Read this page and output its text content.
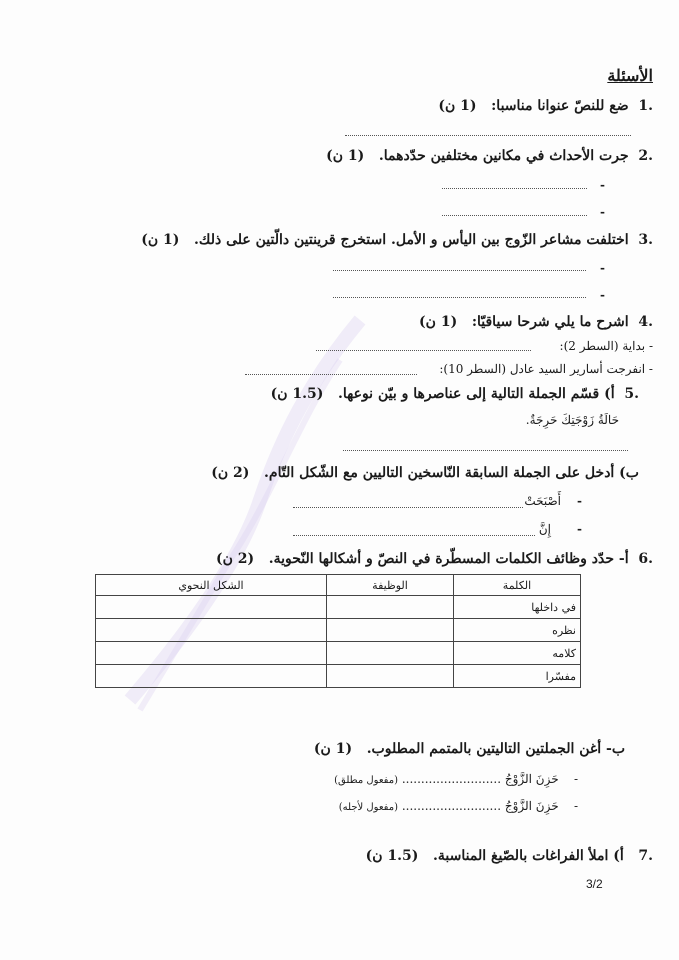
الأسئلة
.1  ضع للنصّ عنوانا مناسبا:   (1 ن)
.2  جرت الأحداث في مكانين مختلفين حدّدهما.   (1 ن)
-
-
.3  اختلفت مشاعر الزّوج بين اليأس و الأمل. استخرج قرينتين دالّتين على ذلك.   (1 ن)
-
-
.4  اشرح ما يلي شرحا سياقيّا:   (1 ن)
- بداية (السطر 2):
- انفرجت أسارير السيد عادل (السطر 10):
.5  أ) قسّم الجملة التالية إلى عناصرها و بيّن نوعها.   (1.5 ن)
حَالَةُ زَوْجَتِكَ حَرِجَةٌ.
ب) أدخل على الجملة السابقة النّاسخين التاليين مع الشّكل التّام.   (2 ن)
-
أَصْبَحَتْ
-
إِنَّ
.6  أ- حدّد وظائف الكلمات المسطّرة في النصّ و أشكالها النّحوية.   (2 ن)
الكلمة	الوظيفة	الشكل النحوي
في داخلها		
نظره		
كلامه		
مفسّرا		
ب- أغن الجملتين التاليتين بالمتمم المطلوب.   (1 ن)
-    حَزِنَ الزَّوْجُ .......................... (مفعول مطلق)
-    حَزِنَ الزَّوْجُ .......................... (مفعول لأجله)
.7   أ) املأ الفراغات بالصّيغ المناسبة.   (1.5 ن)
3/2
